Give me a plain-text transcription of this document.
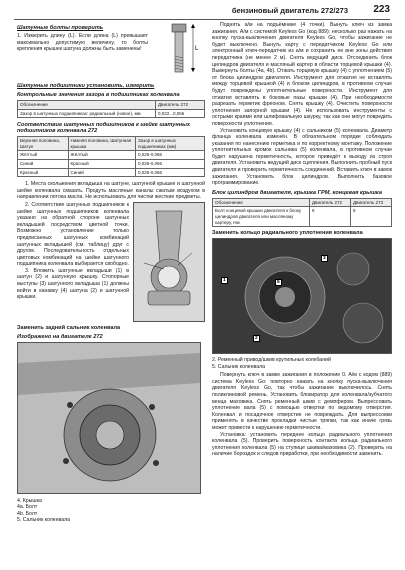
бензиновый двигатель 272/273	223

Шатунные болты проверить

1. Измерить длину (L). Если длина (L) превышает максимально допустимую величину, то болты крепления крышек шатуна должны быть заменены!	L

Шатунные подшипники установить, измерить

Контрольные значения зазора в подшипниках коленвала

Обозначение	Двигатель 272
Зазор в шатунных подшипниках: радиальный (новое), мм	0,022...0,066

Соответствие шатунных подшипников к шейке шатунных подшипников коленвала 272

Верхняя половина, Шатун	Нижняя половина, Шатунная крышка	Зазор в шатунных подшипниках (мм)
Жёлтый	Жёлтый	0,026-0,066
Синий	Красный	0,026-0,066
Красный	Синий	0,026-0,066

1. Места скольжения вкладыша на шатуне, шатунной крышке и шатунной шейке коленвала смазать. Продуть масляные каналы сжатым воздухом в направлении потока масла. Не использовать для чистки жесткие предметы.

2. Соответствие шатунных подшипников к шейке шатунных подшипников коленвала указано на обратной стороне шатунных вкладышей посредством цветной точки. Возможно установление только предписанных шатунных комбинаций шатунных вкладышей (см. таблицу) друг с другом. Последовательность отдельных цветовых комбинаций на шейке шатунного подшипника коленвала выбирается свободно.

3. Вложить шатунные вкладыши (1) в шатун (2) и шатунную крышку. Стопорные выступы (3) шатунного вкладыша (1) должны войти в канавку (4) шатуна (2) и шатунной крышки.

Заменить задний сальник коленвала

Изображено на двигателе 272

4. Крышка

4а. Болт

4b. Болт

5. Сальник коленвала

Поднять а/м на подъёмнике (4 точки). Вынуть ключ из замка зажигания. А/м с системой Keyless Go (код 889): несколько раз нажать на кнопку пуска-выключения двигателя Keyless Go, чтобы зажигание не будет выключено. Вынуть карту с передатчиком Keyless Go или электронный ключ-передатчик из а/м и сохранить ее вне зоны действия передатчика (не менее 2 м). Снять ведущий диск. Отсоединить блок цилиндров двигателя и масляный картер в области торцевой крышки (4). Вывернуть болты (4а, 4b). Отжать торцевую крышку (4) с уплотнением (5) от блока цилиндров двигателя. Инструмент для отжатия не вставлять между торцевой крышкой (4) и блоком цилиндров, в противном случае будут повреждены уплотнительные поверхности. Инструмент для отжатия вставлять в боковые пазы крышки (4). При необходимости разрезать герметик фреоном. Снять крышку (4). Очистить поверхности уплотнения запорной крышки (4). Не использовать инструменты с острыми краями или шлифовальную шкурку, так как они могут повредить поверхности уплотнения.

Установить концевую крышку (4) с сальником (5) коленвала. Диаметр фланца коленвала изменён. В обязательном порядке соблюдать указания по нанесению герметика и по корректному монтажу. Положение уплотнительных кромок сальника (5) коленвала, в противном случае будет нарушена герметичность, которое приведёт к выходу из строя двигателя. Установить ведущий диск сцепления. Выполнить пробный пуск двигателя и проверить герметичность соединений. Вставить ключ в замок зажигания. Установить блок цилиндров. Выполнить базовое программирование.

Блок цилиндров двигателя, крышка ГРМ, концевая крышка

Обозначение	Двигатель 272	Двигатель 273
Болт концевой крышки двигателя к блоку цилиндров двигателя или масляному картеру, Нм	8	8

Заменить кольцо радиального уплотнения коленвала

1
2
3
5

2. Ременный привод/шкив крутильных колебаний

5. Сальник коленвала

Повернуть ключ в замке зажигания в положение 0. А/м с кодом (889) система Keyless Go: повторно нажать на кнопку пуска-выключения двигателя Keyless Go, так чтобы зажигание выключилось. Снять поликлиновой ремень. Установить блокиратор для коленвала/зубчатого венца маховика. Снять ременный шкив с демпфером. Выпрессовать уплотнение вала (5) с помощью отвертки по ведомому отверстия. Коленвал и посадочное отверстие не повреждать. Для выпрессовки применять в качестве прокладки чистые тряпки, так как иначе грязь может привести к нарушению герметичности.

Установка: установить переднее кольцо радиального уплотнения коленвала (5). Проверить поверхность контакта кольца радиального уплотнения коленвала (5) на ступице шкива/маховика (2). Проверить на наличие бороздок и следов приработки, при необходимости заменить.
